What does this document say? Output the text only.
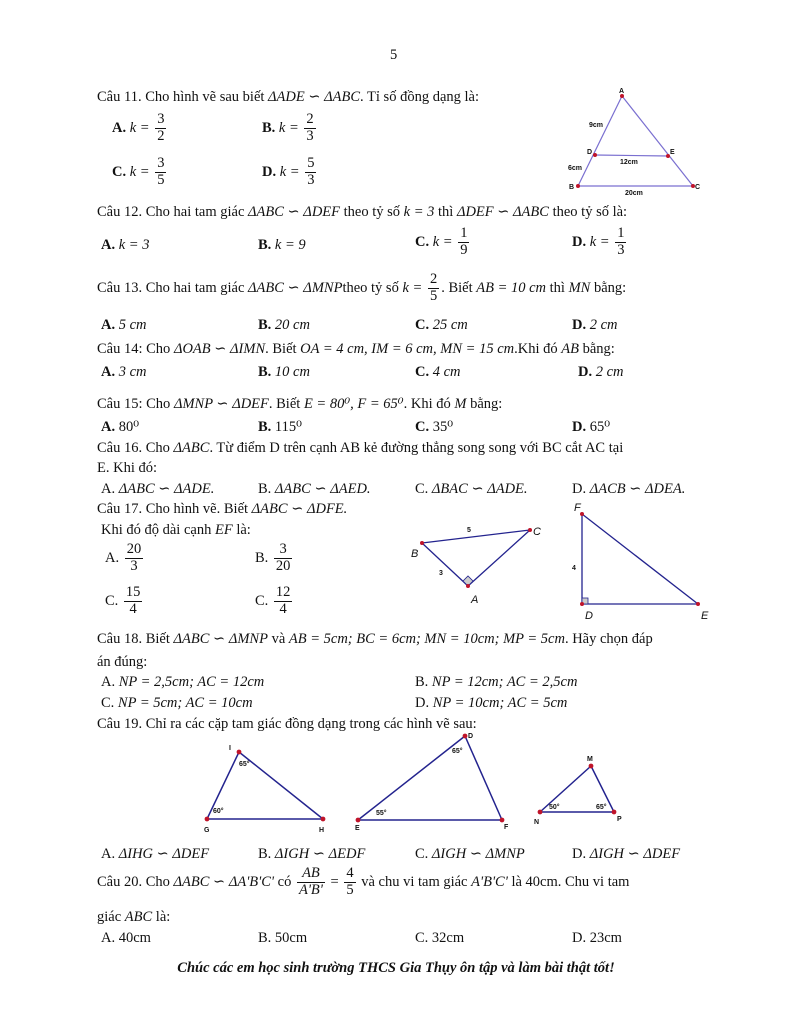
5
Câu 11. Cho hình vẽ sau biết ΔADE ∽ ΔABC. Tỉ số đồng dạng là:
A. $k = \frac{3}{2}$	B. $k = \frac{2}{3}$
C. $k = \frac{3}{5}$	D. $k = \frac{5}{3}$
A
B	C
D	E
9cm
6cm
12cm
20cm
Câu 12. Cho hai tam giác ΔABC ∽ ΔDEF theo tỷ số k = 3 thì ΔDEF ∽ ΔABC theo tỷ số là:
A. k = 3	B. k = 9	C. $k = \frac{1}{9}$	D. $k = \frac{1}{3}$
Câu 13. Cho hai tam giác ΔABC ∽ ΔMNPtheo tỷ số $k = \frac{2}{5}$ . Biết AB = 10 cm thì MN bằng:
A. 5 cm	B. 20 cm	C. 25 cm	D. 2 cm
Câu 14: Cho ΔOAB ∽ ΔIMN. Biết OA = 4 cm, IM = 6 cm, MN = 15 cm.Khi đó AB bằng:
A. 3 cm	B. 10 cm	C. 4 cm	D. 2 cm
Câu 15: Cho ΔMNP ∽ ΔDEF. Biết E = 80⁰, F = 65⁰. Khi đó M bằng:
A. 80⁰	B. 115⁰	C. 35⁰	D. 65⁰
Câu 16. Cho ΔABC. Từ điểm D trên cạnh AB kẻ đường thẳng song song với BC cắt AC tại
E. Khi đó:
A. ΔABC ∽ ΔADE.	B. ΔABC ∽ ΔAED.	C. ΔBAC ∽ ΔADE.	D. ΔACB ∽ ΔDEA.
Câu 17. Cho hình vẽ. Biết ΔABC ∽ ΔDFE.
Khi đó độ dài cạnh EF là:
A. $\frac{20}{3}$	B. $\frac{3}{20}$
C. $\frac{15}{4}$	C. $\frac{12}{4}$
B
C
A
5
3
F
D	E
4
Câu 18. Biết ΔABC ∽ ΔMNP và AB = 5cm; BC = 6cm; MN = 10cm; MP = 5cm. Hãy chọn đáp
án đúng:
A. NP = 2,5cm; AC = 12cm	B. NP = 12cm; AC = 2,5cm
C. NP = 5cm; AC = 10cm	D. NP = 10cm; AC = 5cm
Câu 19. Chỉ ra các cặp tam giác đồng dạng trong các hình vẽ sau:
I
G	H
65°
60°
D
E	F
65°
55°
M
N	P
50°	65°
A. ΔIHG ∽ ΔDEF	B. ΔIGH ∽ ΔEDF	C. ΔIGH ∽ ΔMNP	D. ΔIGH ∽ ΔDEF
Câu 20. Cho ΔABC ∽ ΔA'B'C' có $\frac{AB}{A'B'} = \frac{4}{5}$ và chu vi tam giác A'B'C' là 40cm. Chu vi tam
giác ABC là:
A. 40cm	B. 50cm	C. 32cm	D. 23cm
Chúc các em học sinh trường THCS Gia Thụy ôn tập và làm bài thật tốt!
